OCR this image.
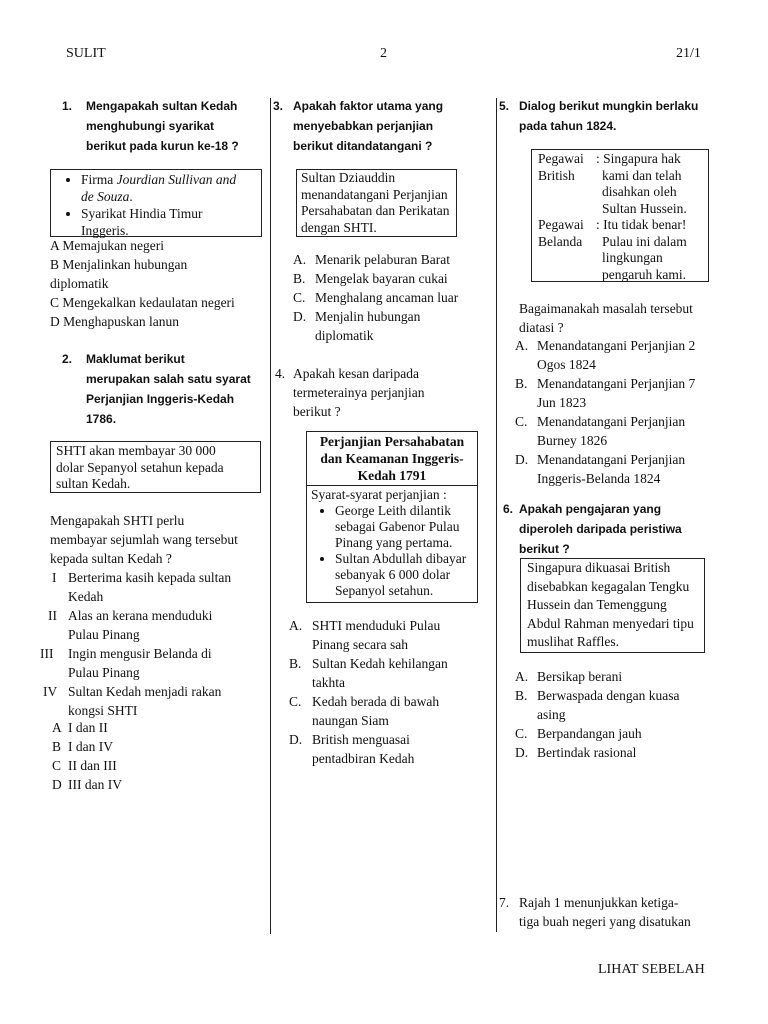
SULIT	2	21/1
1. Mengapakah sultan Kedah
menghubungi syarikat
berikut pada kurun ke-18 ?
• Firma Jourdian Sullivan and
de Souza.
• Syarikat Hindia Timur
Inggeris.
A Memajukan negeri
B Menjalinkan hubungan
diplomatik
C Mengekalkan kedaulatan negeri
D Menghapuskan lanun
2. Maklumat berikut
merupakan salah satu syarat
Perjanjian Inggeris-Kedah
1786.
SHTI akan membayar 30 000
dolar Sepanyol setahun kepada
sultan Kedah.
Mengapakah SHTI perlu
membayar sejumlah wang tersebut
kepada sultan Kedah ?
I Berterima kasih kepada sultan
Kedah
II Alas an kerana menduduki
Pulau Pinang
III	Ingin mengusir Belanda di
Pulau Pinang
IV Sultan Kedah menjadi rakan
kongsi SHTI
A I dan II
B I dan IV
C II dan III
D III dan IV
3. Apakah faktor utama yang
menyebabkan perjanjian
berikut ditandatangani ?
Sultan Dziauddin
menandatangani Perjanjian
Persahabatan dan Perikatan
dengan SHTI.
A. Menarik pelaburan Barat
B. Mengelak bayaran cukai
C. Menghalang ancaman luar
D. Menjalin hubungan
diplomatik
4. Apakah kesan daripada
termeterainya perjanjian
berikut ?
Perjanjian Persahabatan
dan Keamanan Inggeris-
Kedah 1791
Syarat-syarat perjanjian :
• George Leith dilantik
sebagai Gabenor Pulau
Pinang yang pertama.
• Sultan Abdullah dibayar
sebanyak 6 000 dolar
Sepanyol setahun.
A. SHTI menduduki Pulau
Pinang secara sah
B. Sultan Kedah kehilangan
takhta
C. Kedah berada di bawah
naungan Siam
D. British menguasai
pentadbiran Kedah
5. Dialog berikut mungkin berlaku
pada tahun 1824.
Pegawai
British
: Singapura hak
kami dan telah
disahkan oleh
Sultan Hussein.
Pegawai
Belanda
: Itu tidak benar!
Pulau ini dalam
lingkungan
pengaruh kami.
Bagaimanakah masalah tersebut
diatasi ?
A. Menandatangani Perjanjian 2
Ogos 1824
B. Menandatangani Perjanjian 7
Jun 1823
C. Menandatangani Perjanjian
Burney 1826
D. Menandatangani Perjanjian
Inggeris-Belanda 1824
6. Apakah pengajaran yang
diperoleh daripada peristiwa
berikut ?
Singapura dikuasai British
disebabkan kegagalan Tengku
Hussein dan Temenggung
Abdul Rahman menyedari tipu
muslihat Raffles.
A. Bersikap berani
B. Berwaspada dengan kuasa
asing
C. Berpandangan jauh
D. Bertindak rasional
7. Rajah 1 menunjukkan ketiga-
tiga buah negeri yang disatukan
LIHAT SEBELAH
